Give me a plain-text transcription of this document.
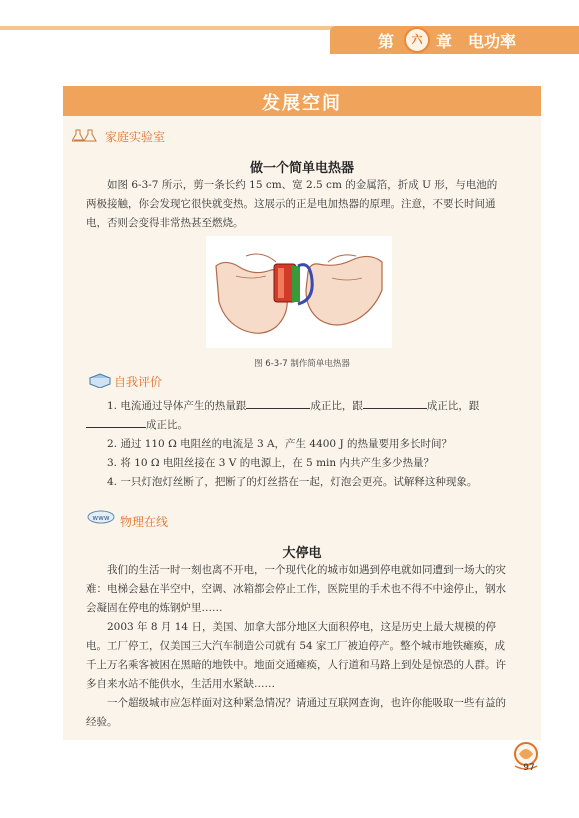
第	六 章 电功率
发展空间
家庭实验室
做一个简单电热器
如图 6-3-7 所示，剪一条长约 15 cm、宽 2.5 cm 的金属箔，折成 U 形，与电池的两极接触，你会发现它很快就变热。这展示的正是电加热器的原理。注意，不要长时间通电，否则会变得非常热甚至燃烧。
图 6-3-7 制作简单电热器
自我评价
1. 电流通过导体产生的热量跟	成正比，跟	成正比，跟
成正比。
2. 通过 110 Ω 电阻丝的电流是 3 A，产生 4400 J 的热量要用多长时间？
3. 将 10 Ω 电阻丝接在 3 V 的电源上，在 5 min 内共产生多少热量？
4. 一只灯泡灯丝断了，把断了的灯丝搭在一起，灯泡会更亮。试解释这种现象。
www 物理在线
大停电
我们的生活一时一刻也离不开电，一个现代化的城市如遇到停电就如同遭到一场大的灾难：电梯会悬在半空中，空调、冰箱都会停止工作，医院里的手术也不得不中途停止，钢水会凝固在停电的炼钢炉里……
2003 年 8 月 14 日，美国、加拿大部分地区大面积停电，这是历史上最大规模的停电。工厂停工，仅美国三大汽车制造公司就有 54 家工厂被迫停产。整个城市地铁瘫痪，成千上万名乘客被困在黑暗的地铁中。地面交通瘫痪，人行道和马路上到处是惊恐的人群。许多自来水站不能供水，生活用水紧缺……
一个超级城市应怎样面对这种紧急情况？请通过互联网查询，也许你能吸取一些有益的经验。
97
